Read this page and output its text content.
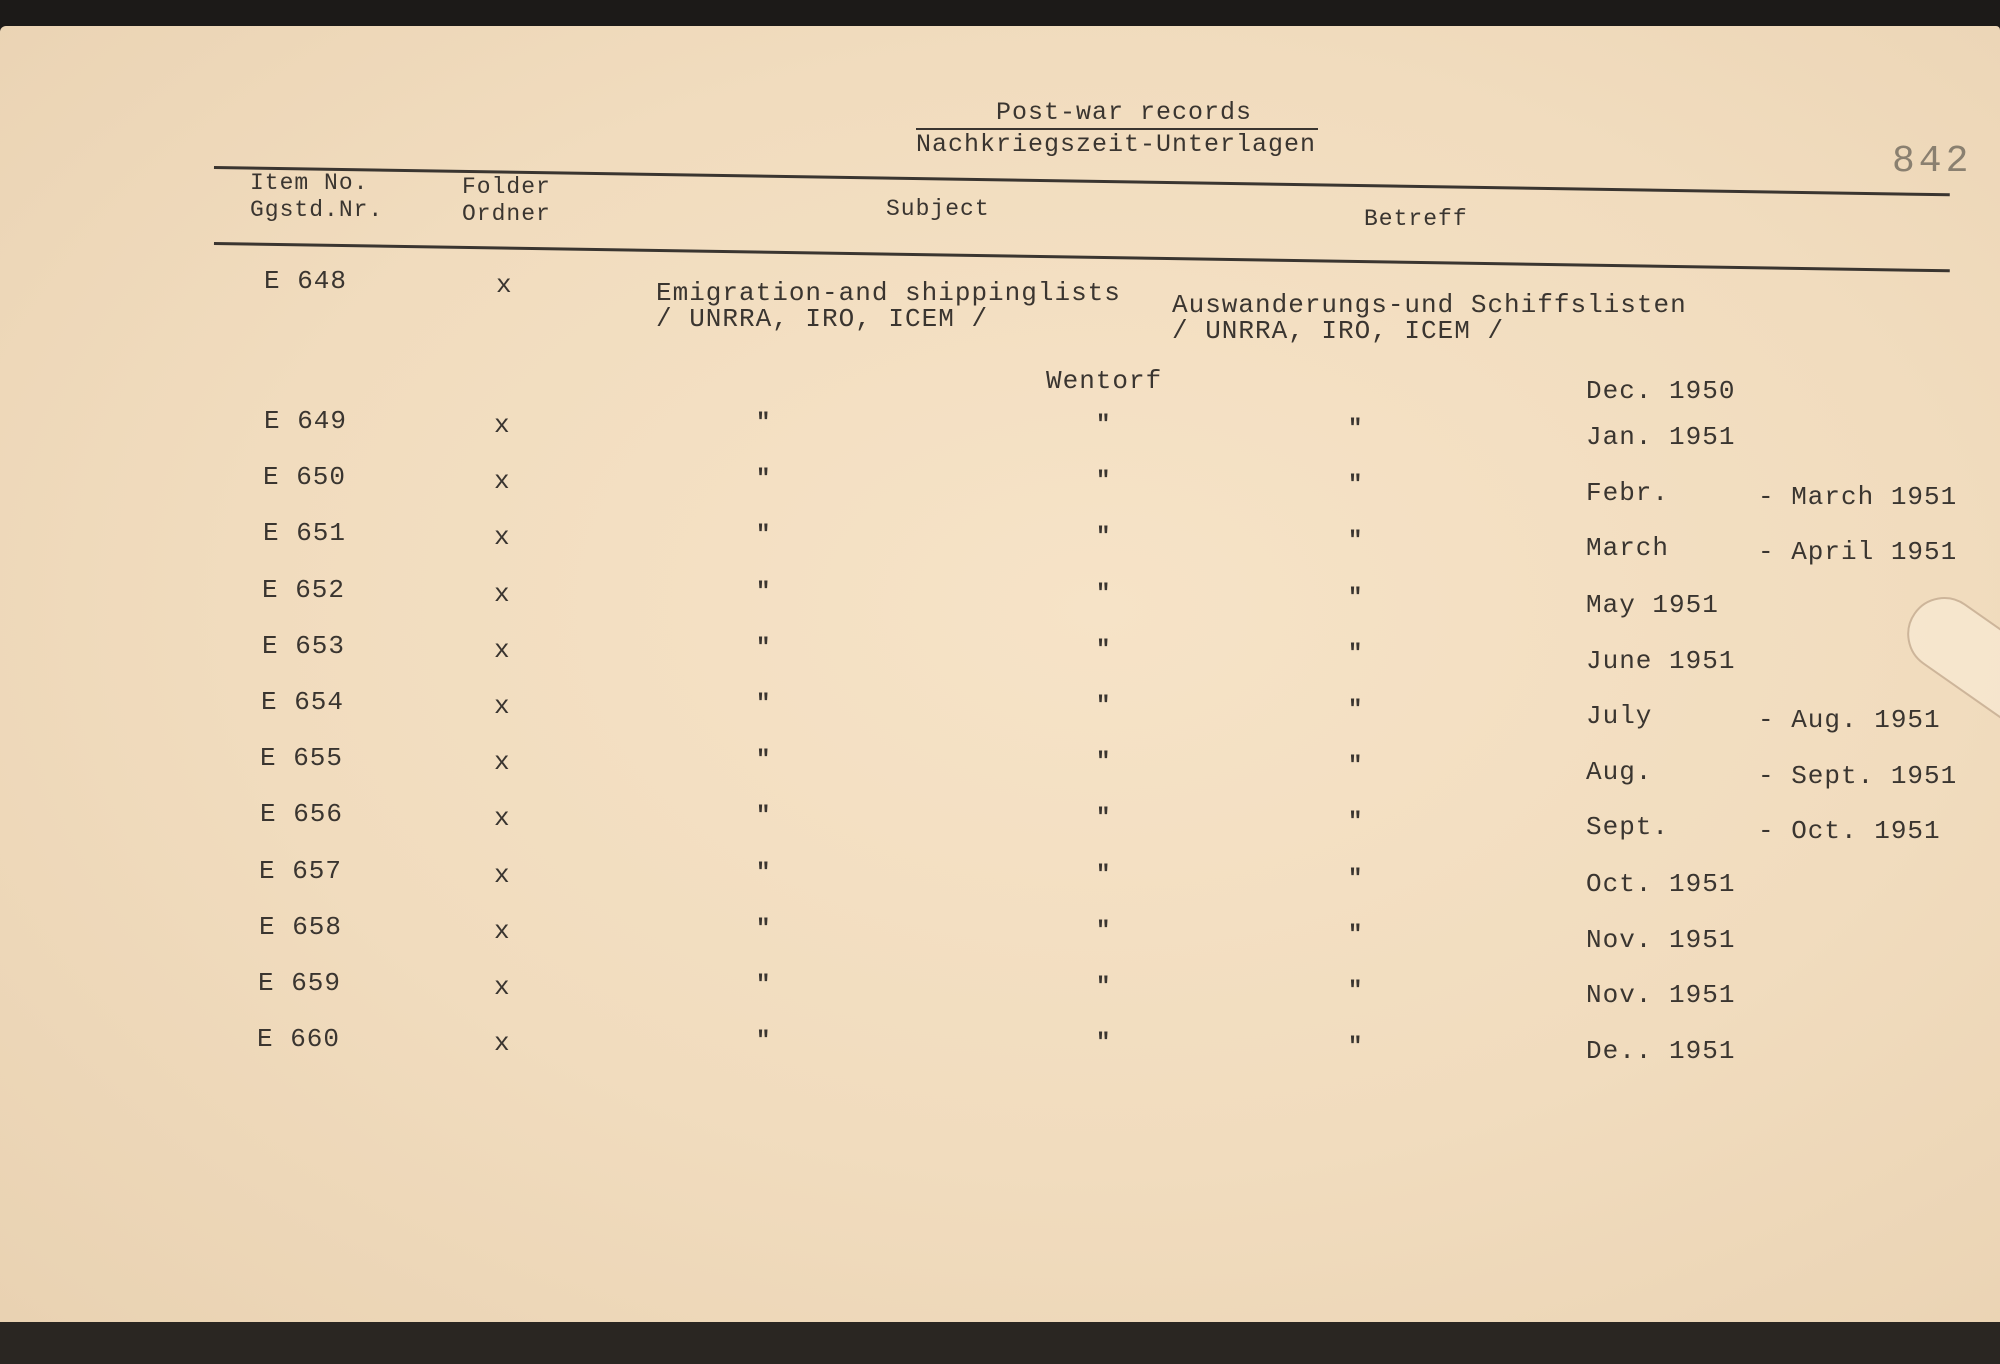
Post-war records
Nachkriegszeit-Unterlagen	842
Item No.
Ggstd.Nr.
Folder
Ordner	Subject	Betreff
E 648	x	Emigration-and shippinglists
/ UNRRA, IRO, ICEM /	Auswanderungs-und Schiffslisten
/ UNRRA, IRO, ICEM /
Wentorf	Dec. 1950
E 649	x	"	"	"	Jan. 1951
E 650	x	"	"	"	Febr.	- March 1951
E 651	x	"	"	"	March	- April 1951
E 652	x	"	"	"	May 1951
E 653	x	"	"	"	June 1951
E 654	x	"	"	"	July	- Aug. 1951
E 655	x	"	"	"	Aug.	- Sept. 1951
E 656	x	"	"	"	Sept.	- Oct. 1951
E 657	x	"	"	"	Oct. 1951
E 658	x	"	"	"	Nov. 1951
E 659	x	"	"	"	Nov. 1951
E 660	x	"	"	"	De.. 1951
